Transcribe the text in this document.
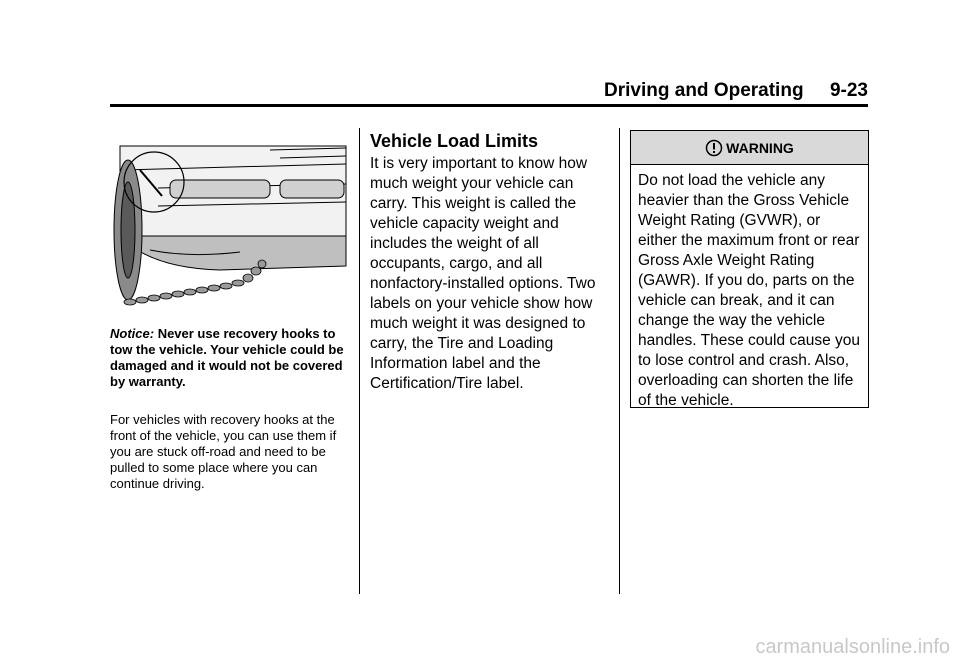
Driving and Operating 9-23
Notice: Never use recovery hooks to tow the vehicle. Your vehicle could be damaged and it would not be covered by warranty.
For vehicles with recovery hooks at the front of the vehicle, you can use them if you are stuck off-road and need to be pulled to some place where you can continue driving.
Vehicle Load Limits
It is very important to know how much weight your vehicle can carry. This weight is called the vehicle capacity weight and includes the weight of all occupants, cargo, and all nonfactory-installed options. Two labels on your vehicle show how much weight it was designed to carry, the Tire and Loading Information label and the Certification/Tire label.
WARNING
Do not load the vehicle any heavier than the Gross Vehicle Weight Rating (GVWR), or either the maximum front or rear Gross Axle Weight Rating (GAWR). If you do, parts on the vehicle can break, and it can change the way the vehicle handles. These could cause you to lose control and crash. Also, overloading can shorten the life of the vehicle.
carmanualsonline.info
